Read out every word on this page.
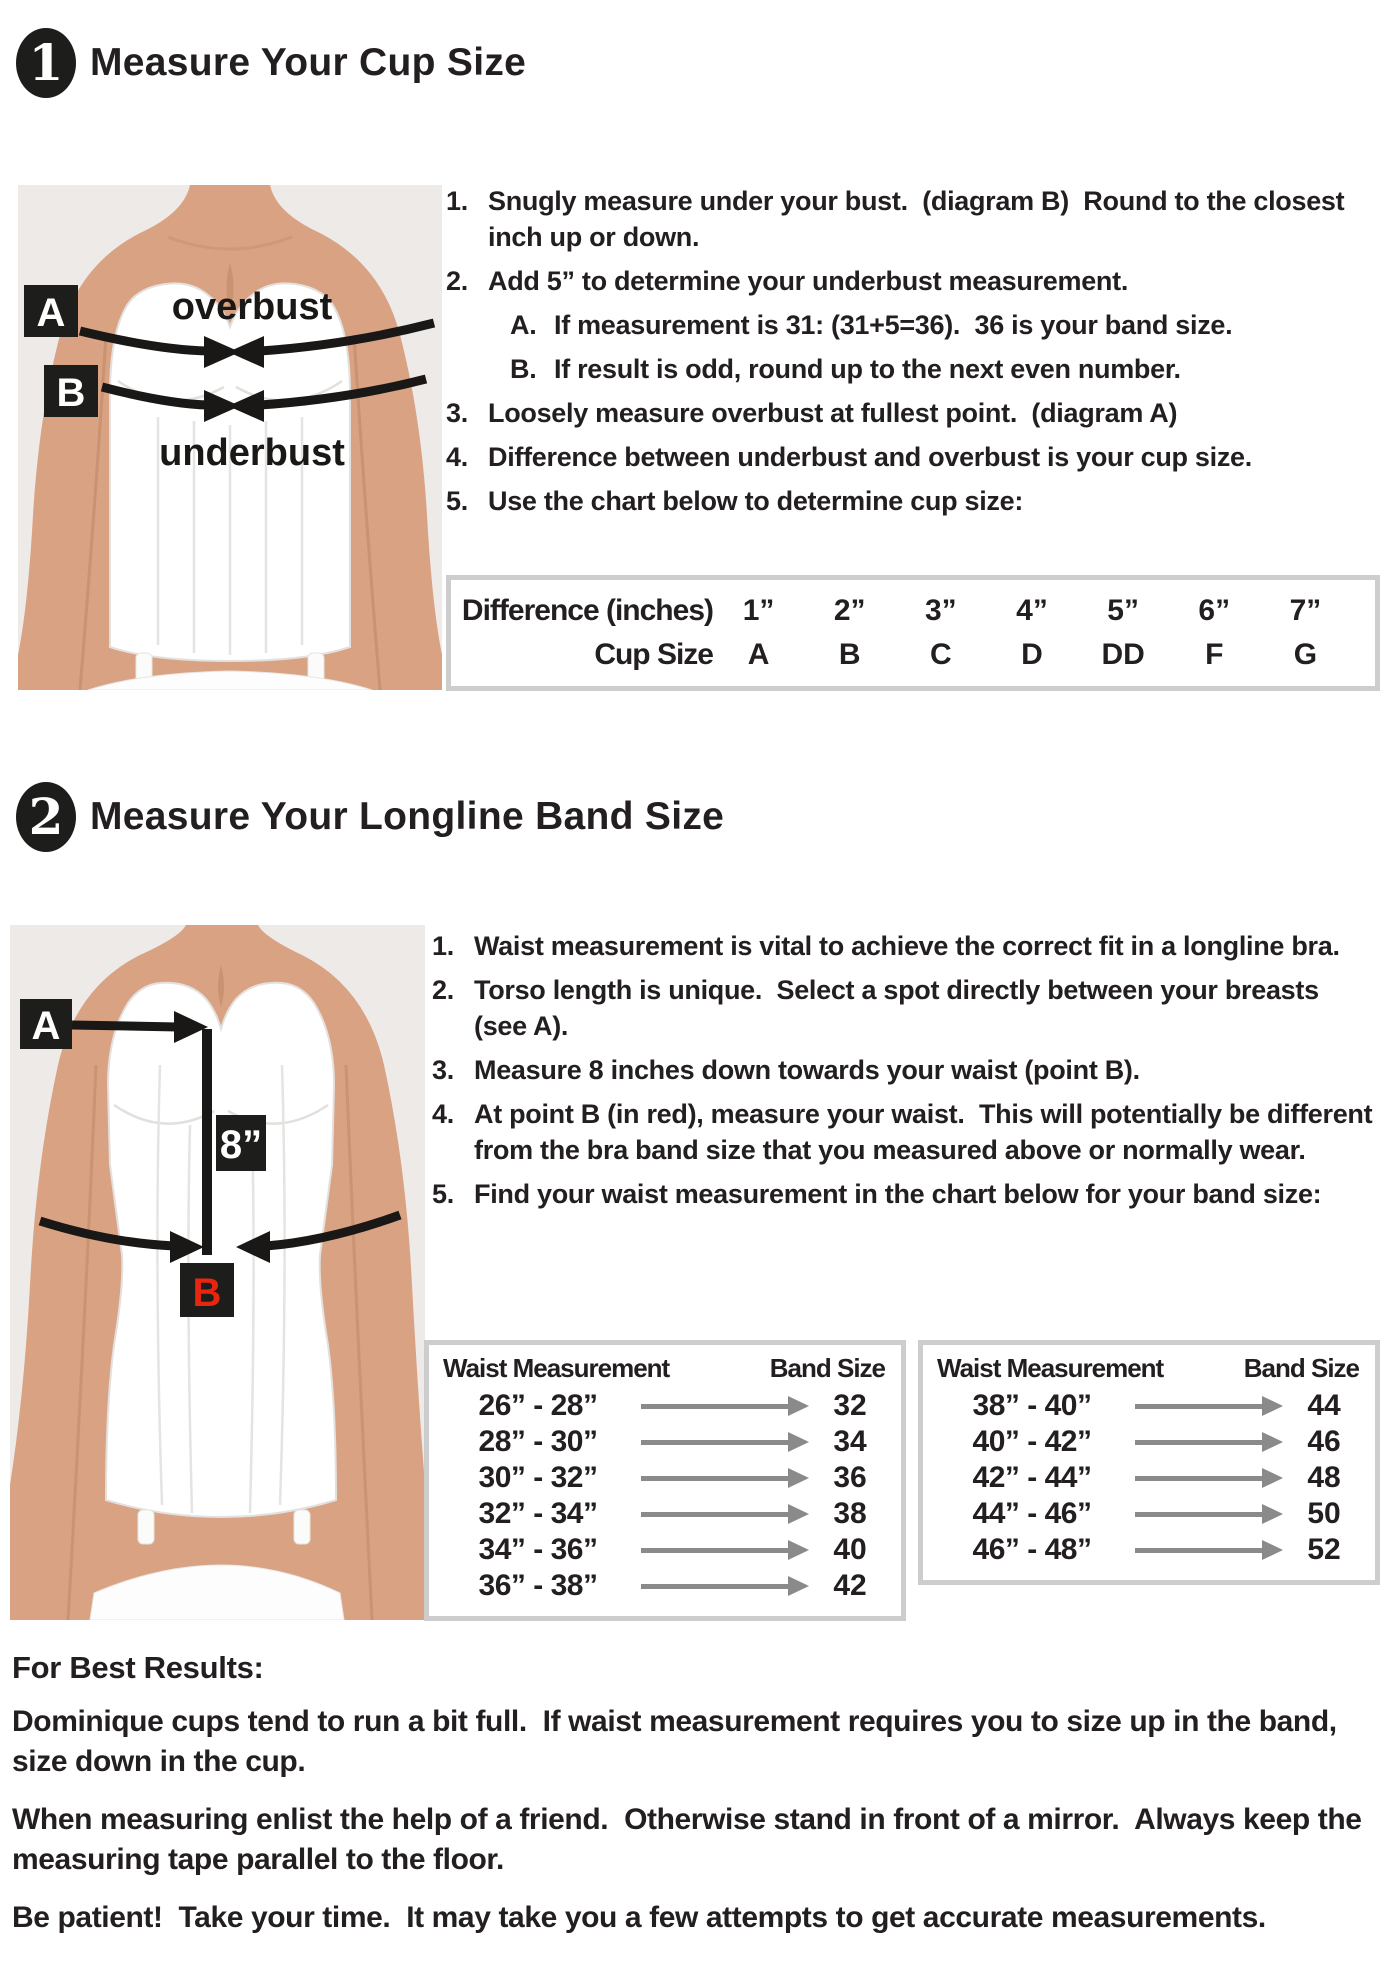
1 Measure Your Cup Size
A	overbust
B
underbust
1. Snugly measure under your bust.  (diagram B)  Round to the closest inch up or down.
2. Add 5” to determine your underbust measurement.
A. If measurement is 31: (31+5=36).  36 is your band size.
B. If result is odd, round up to the next even number.
3. Loosely measure overbust at fullest point.  (diagram A)
4. Difference between underbust and overbust is your cup size.
5. Use the chart below to determine cup size:
Difference (inches) 1”	2”	3”	4”	5”	6”	7”
Cup Size	A	B	C	D	DD	F	G
2 Measure Your Longline Band Size
A
8”
B
1. Waist measurement is vital to achieve the correct fit in a longline bra.
2. Torso length is unique.  Select a spot directly between your breasts  (see A).
3. Measure 8 inches down towards your waist (point B).
4. At point B (in red), measure your waist.  This will potentially be different from the bra band size that you measured above or normally wear.
5. Find your waist measurement in the chart below for your band size:
Waist Measurement	Band Size
26” - 28”	32
28” - 30”	34
30” - 32”	36
32” - 34”	38
34” - 36”	40
36” - 38”	42
Waist Measurement	Band Size
38” - 40”	44
40” - 42”	46
42” - 44”	48
44” - 46”	50
46” - 48”	52
For Best Results:

Dominique cups tend to run a bit full.  If waist measurement requires you to size up in the band, size down in the cup.

When measuring enlist the help of a friend.  Otherwise stand in front of a mirror.  Always keep the measuring tape parallel to the floor.

Be patient!  Take your time.  It may take you a few attempts to get accurate measurements.
